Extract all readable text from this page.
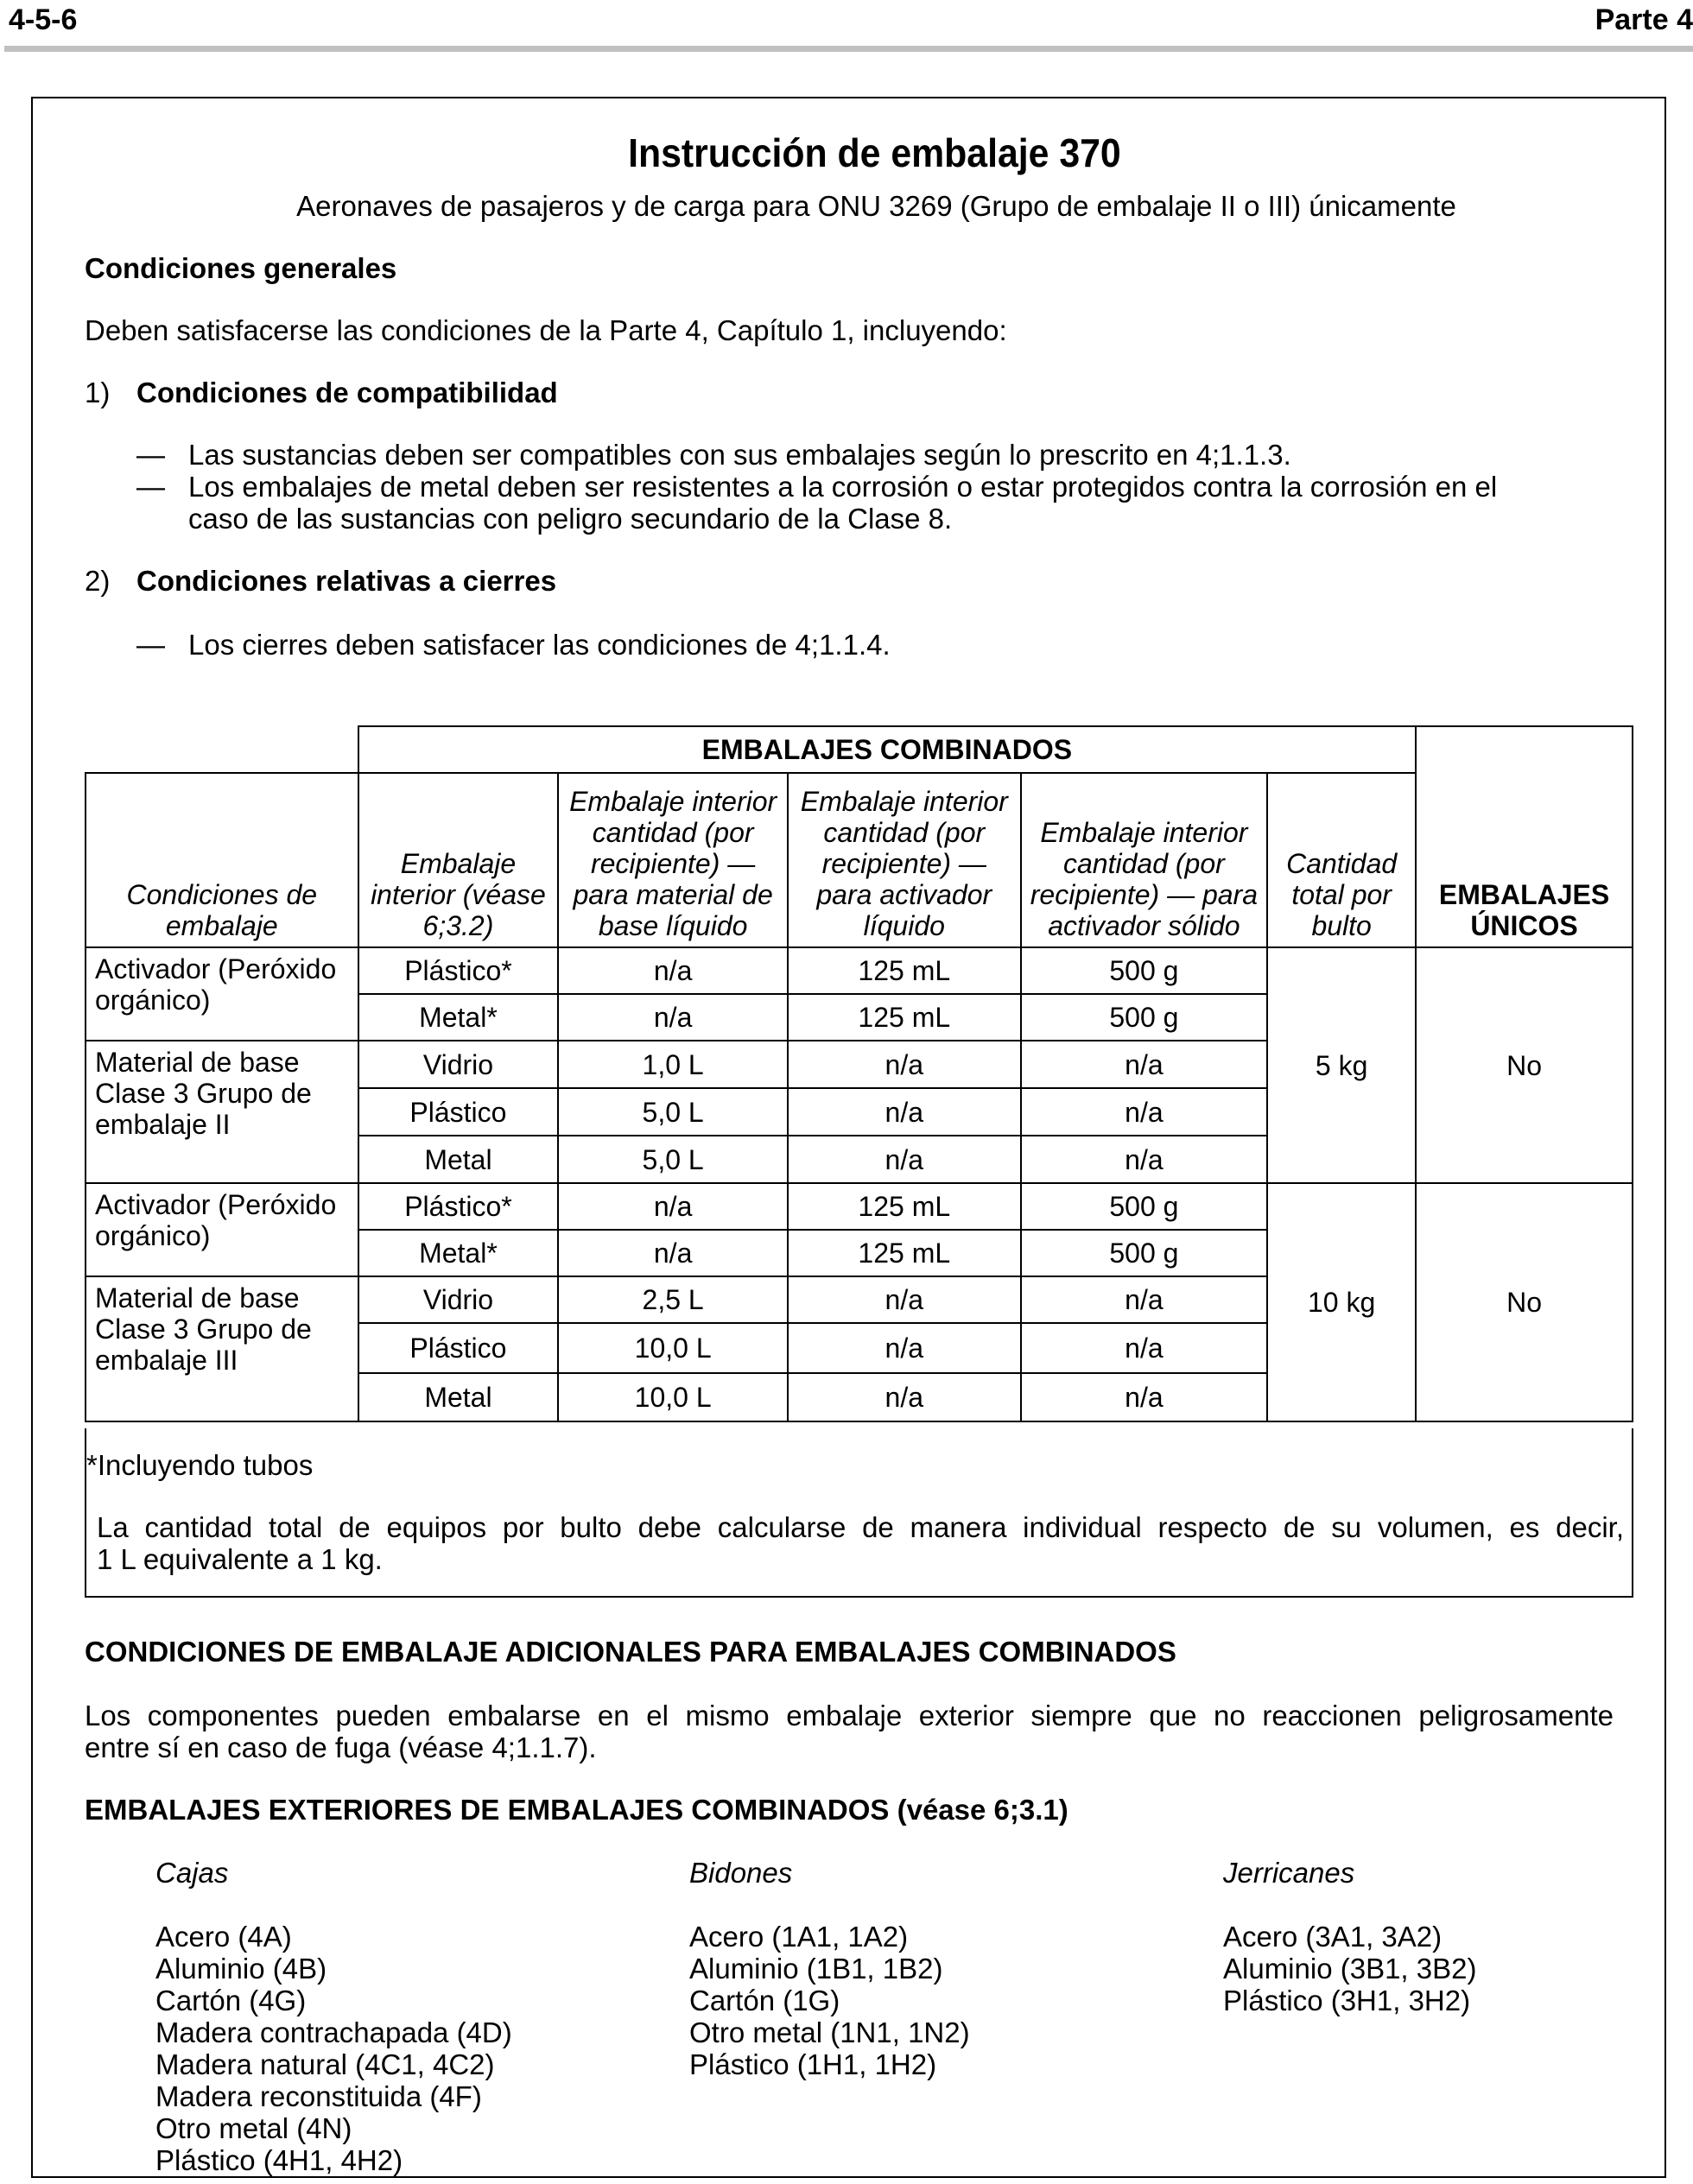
4-5-6	Parte 4
Instrucción de embalaje 370
Aeronaves de pasajeros y de carga para ONU 3269 (Grupo de embalaje II o III) únicamente
Condiciones generales
Deben satisfacerse las condiciones de la Parte 4, Capítulo 1, incluyendo:
1) Condiciones de compatibilidad
— Las sustancias deben ser compatibles con sus embalajes según lo prescrito en 4;1.1.3.
— Los embalajes de metal deben ser resistentes a la corrosión o estar protegidos contra la corrosión en el
caso de las sustancias con peligro secundario de la Clase 8.
2) Condiciones relativas a cierres
— Los cierres deben satisfacer las condiciones de 4;1.1.4.
	EMBALAJES COMBINADOS					EMBALAJES ÚNICOS
Condiciones de embalaje	Embalaje interior (véase 6;3.2)	Embalaje interior cantidad (por recipiente) — para material de base líquido	Embalaje interior cantidad (por recipiente) — para activador líquido	Embalaje interior cantidad (por recipiente) — para activador sólido	Cantidad total por bulto	
Activador (Peróxido orgánico)	Plástico*	n/a	125 mL	500 g	5 kg	No
	Metal*	n/a	125 mL	500 g		
Material de base Clase 3 Grupo de embalaje II	Vidrio	1,0 L	n/a	n/a		
	Plástico	5,0 L	n/a	n/a		
	Metal	5,0 L	n/a	n/a		
Activador (Peróxido orgánico)	Plástico*	n/a	125 mL	500 g	10 kg	No
	Metal*	n/a	125 mL	500 g		
Material de base Clase 3 Grupo de embalaje III	Vidrio	2,5 L	n/a	n/a		
	Plástico	10,0 L	n/a	n/a		
	Metal	10,0 L	n/a	n/a		
*Incluyendo tubos
La cantidad total de equipos por bulto debe calcularse de manera individual respecto de su volumen, es decir,
1 L equivalente a 1 kg.
CONDICIONES DE EMBALAJE ADICIONALES PARA EMBALAJES COMBINADOS
Los componentes pueden embalarse en el mismo embalaje exterior siempre que no reaccionen peligrosamente
entre sí en caso de fuga (véase 4;1.1.7).
EMBALAJES EXTERIORES DE EMBALAJES COMBINADOS (véase 6;3.1)
Cajas
Acero (4A)
Aluminio (4B)
Cartón (4G)
Madera contrachapada (4D)
Madera natural (4C1, 4C2)
Madera reconstituida (4F)
Otro metal (4N)
Plástico (4H1, 4H2)
Bidones
Acero (1A1, 1A2)
Aluminio (1B1, 1B2)
Cartón (1G)
Otro metal (1N1, 1N2)
Plástico (1H1, 1H2)
Jerricanes
Acero (3A1, 3A2)
Aluminio (3B1, 3B2)
Plástico (3H1, 3H2)
